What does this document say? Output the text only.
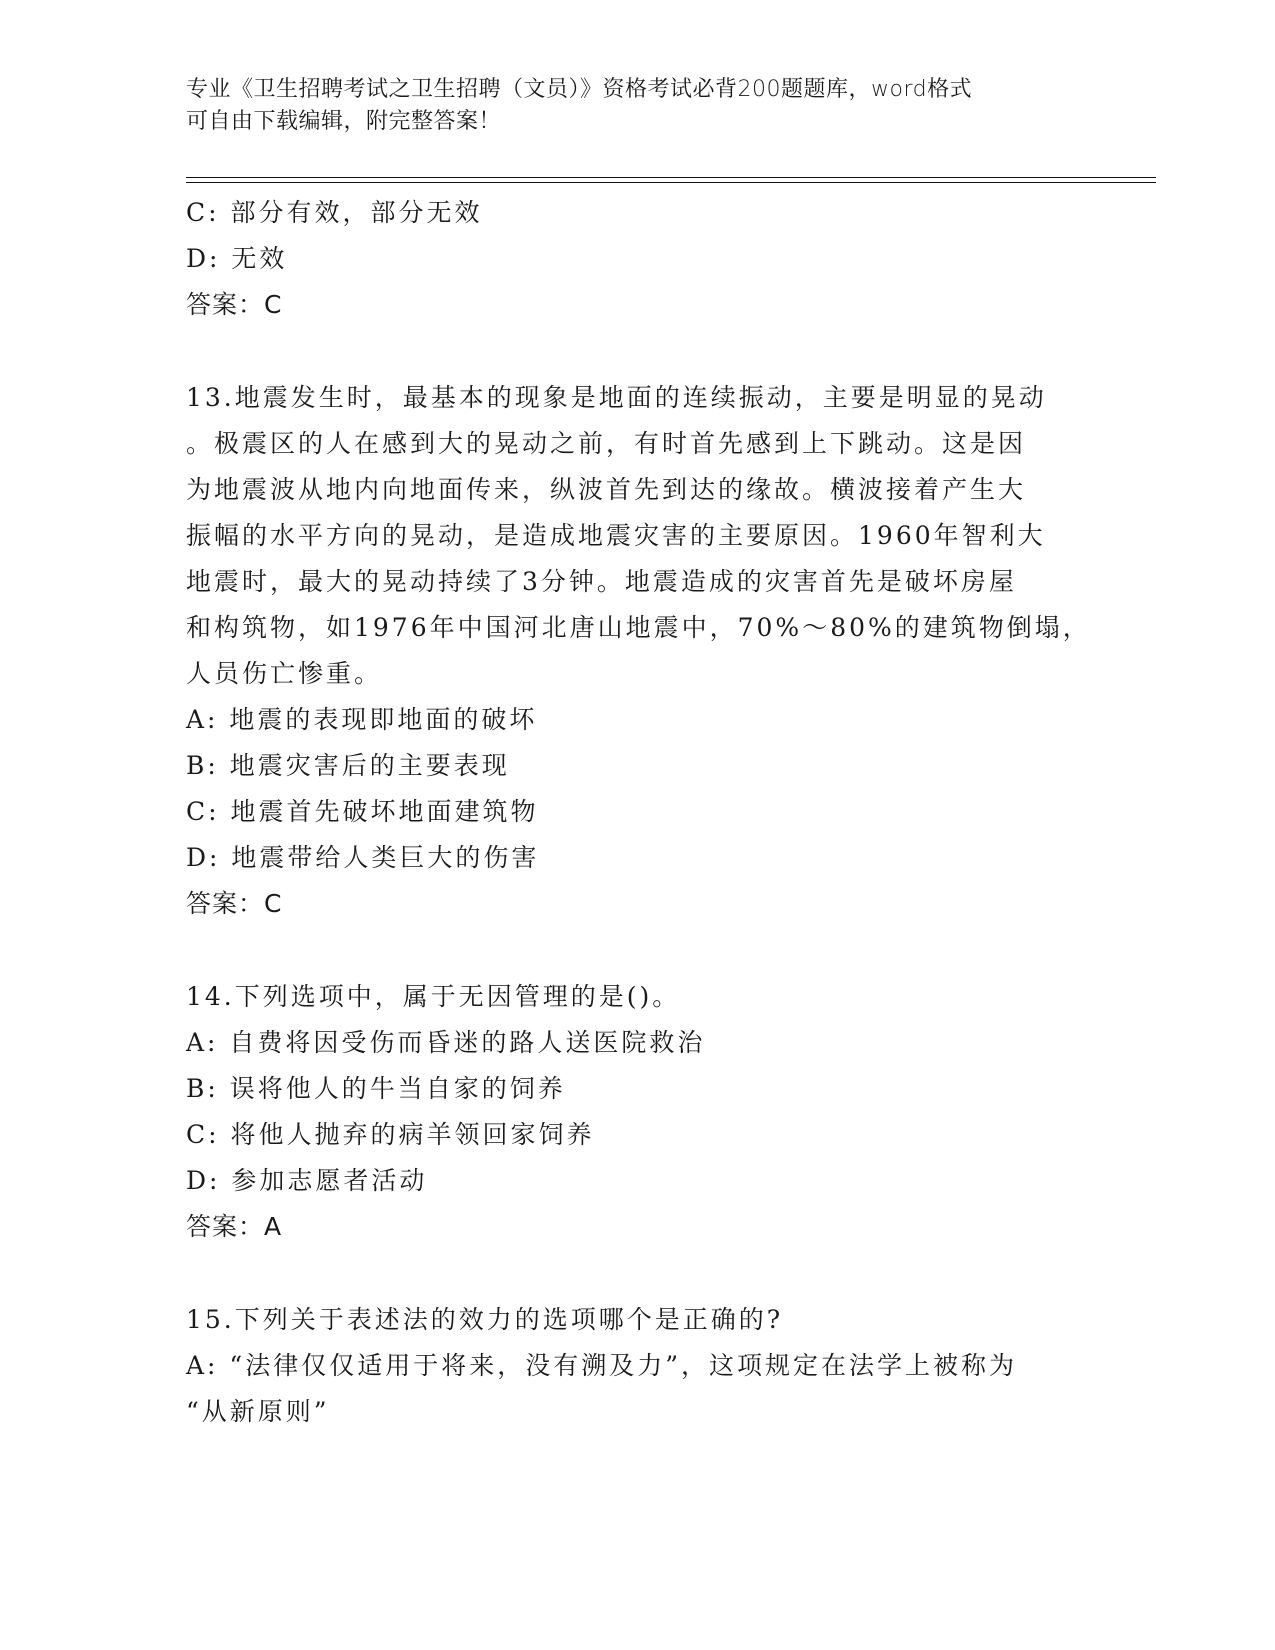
专业《卫生招聘考试之卫生招聘（文员）》资格考试必背200题题库，word格式

可自由下载编辑，附完整答案！

C: 部分有效，部分无效

D: 无效

答案：C

13.地震发生时，最基本的现象是地面的连续振动，主要是明显的晃动

。极震区的人在感到大的晃动之前，有时首先感到上下跳动。这是因

为地震波从地内向地面传来，纵波首先到达的缘故。横波接着产生大

振幅的水平方向的晃动，是造成地震灾害的主要原因。1960年智利大

地震时，最大的晃动持续了3分钟。地震造成的灾害首先是破坏房屋

和构筑物，如1976年中国河北唐山地震中，70%～80%的建筑物倒塌，

人员伤亡惨重。

A: 地震的表现即地面的破坏

B: 地震灾害后的主要表现

C: 地震首先破坏地面建筑物

D: 地震带给人类巨大的伤害

答案：C

14.下列选项中，属于无因管理的是()。

A: 自费将因受伤而昏迷的路人送医院救治

B: 误将他人的牛当自家的饲养

C: 将他人抛弃的病羊领回家饲养

D: 参加志愿者活动

答案：A

15.下列关于表述法的效力的选项哪个是正确的?

A: “法律仅仅适用于将来，没有溯及力”，这项规定在法学上被称为

“从新原则”
